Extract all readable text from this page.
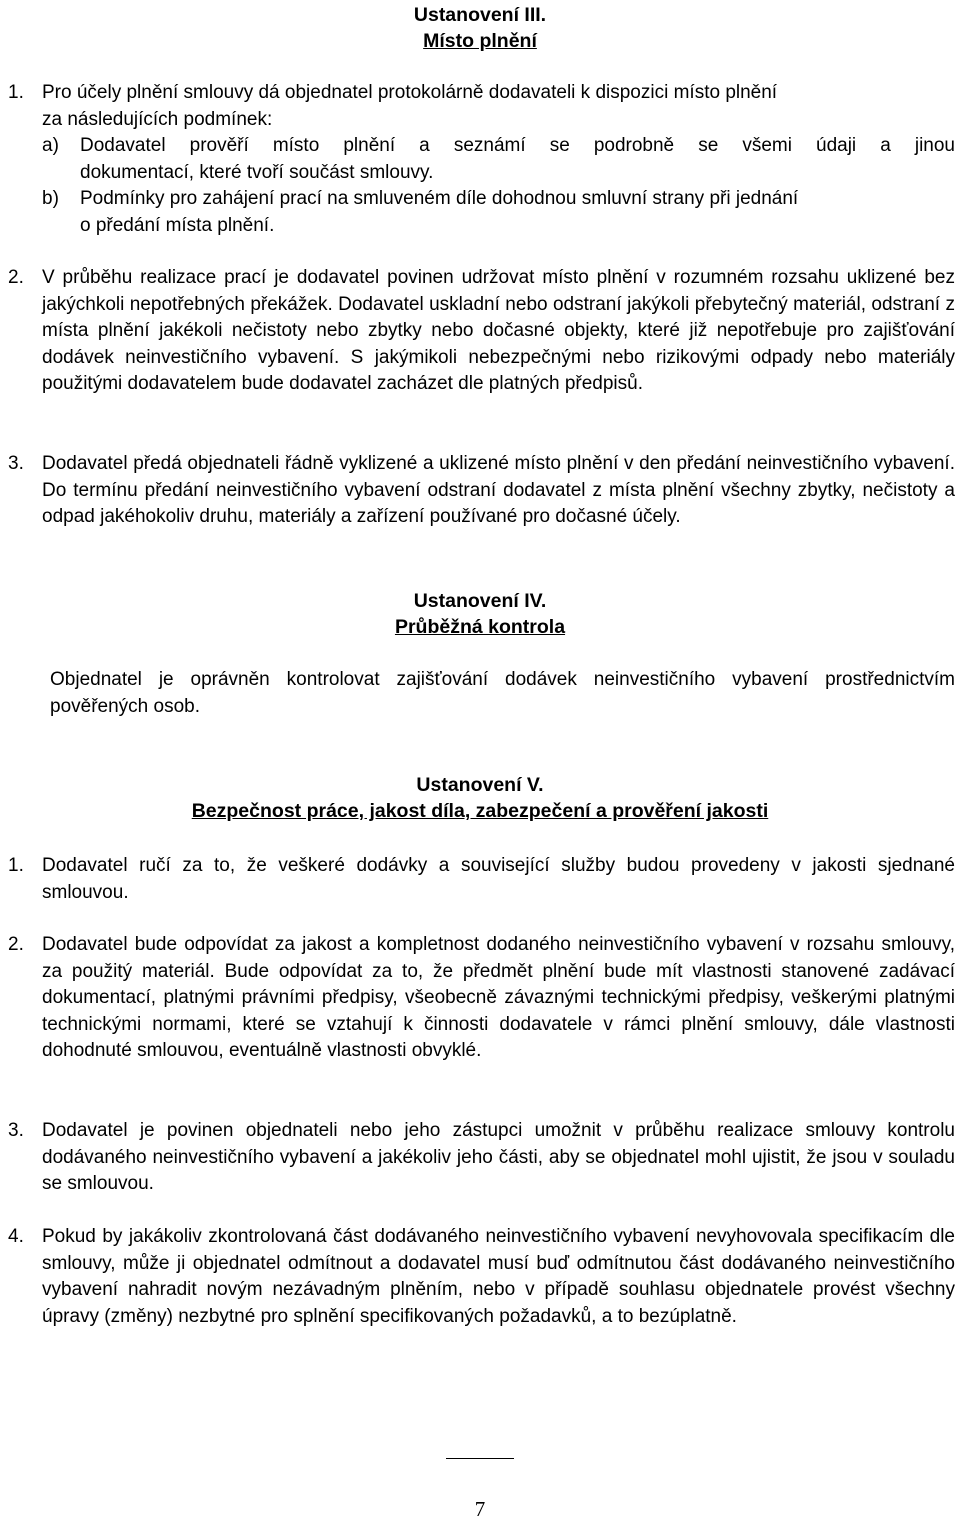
Ustanovení III.
Místo plnění
1. Pro účely plnění smlouvy dá objednatel protokolárně dodavateli k dispozici místo plnění
za následujících podmínek:
a) Dodavatel prověří místo plnění a seznámí se podrobně se všemi údaji a jinou
dokumentací, které tvoří součást smlouvy.
b) Podmínky pro zahájení prací na smluveném díle dohodnou smluvní strany při jednání
o předání místa plnění.
2. V průběhu realizace prací je dodavatel povinen udržovat místo plnění v rozumném rozsahu uklizené bez jakýchkoli nepotřebných překážek. Dodavatel uskladní nebo odstraní jakýkoli přebytečný materiál, odstraní z místa plnění jakékoli nečistoty nebo zbytky nebo dočasné objekty, které již nepotřebuje pro zajišťování dodávek neinvestičního vybavení. S jakýmikoli nebezpečnými nebo rizikovými odpady nebo materiály použitými dodavatelem bude dodavatel zacházet dle platných předpisů.
3. Dodavatel předá objednateli řádně vyklizené a uklizené místo plnění v den předání neinvestičního vybavení. Do termínu předání neinvestičního vybavení odstraní dodavatel z místa plnění všechny zbytky, nečistoty a odpad jakéhokoliv druhu, materiály a zařízení používané pro dočasné účely.
Ustanovení IV.
Průběžná kontrola
Objednatel je oprávněn kontrolovat zajišťování dodávek neinvestičního vybavení prostřednictvím pověřených osob.
Ustanovení V.
Bezpečnost práce, jakost díla, zabezpečení a prověření jakosti
1. Dodavatel ručí za to, že veškeré dodávky a související služby budou provedeny v jakosti sjednané smlouvou.
2. Dodavatel bude odpovídat za jakost a kompletnost dodaného neinvestičního vybavení v rozsahu smlouvy, za použitý materiál. Bude odpovídat za to, že předmět plnění bude mít vlastnosti stanovené zadávací dokumentací, platnými právními předpisy, všeobecně závaznými technickými předpisy, veškerými platnými technickými normami, které se vztahují k činnosti dodavatele v rámci plnění smlouvy, dále vlastnosti dohodnuté smlouvou, eventuálně vlastnosti obvyklé.
3. Dodavatel je povinen objednateli nebo jeho zástupci umožnit v průběhu realizace smlouvy kontrolu dodávaného neinvestičního vybavení a jakékoliv jeho části, aby se objednatel mohl ujistit, že jsou v souladu se smlouvou.
4. Pokud by jakákoliv zkontrolovaná část dodávaného neinvestičního vybavení nevyhovovala specifikacím dle smlouvy, může ji objednatel odmítnout a dodavatel musí buď odmítnutou část dodávaného neinvestičního vybavení nahradit novým nezávadným plněním, nebo v případě souhlasu objednatele provést všechny úpravy (změny) nezbytné pro splnění specifikovaných požadavků, a to bezúplatně.
7
